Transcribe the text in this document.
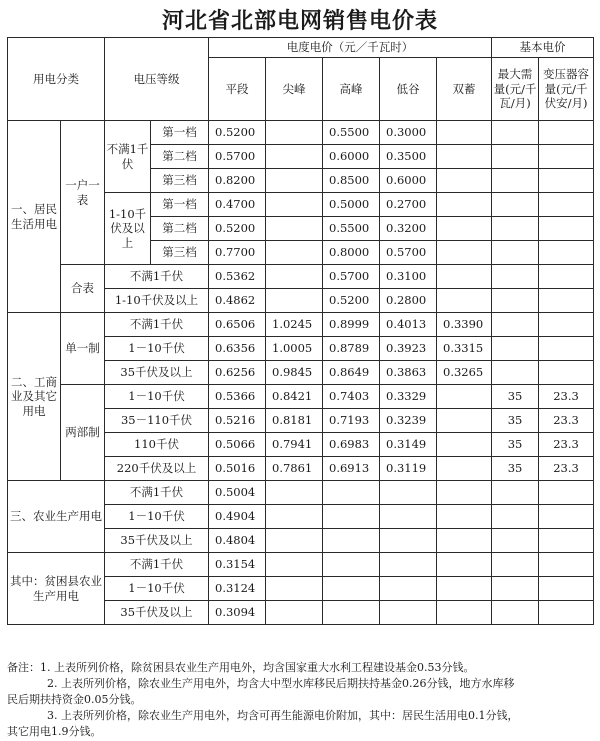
河北省北部电网销售电价表
用电分类		电压等级		电度电价（元／千瓦时）					基本电价	
				平段	尖峰	高峰	低谷	双蓄	最大需量(元/千瓦/月)	变压器容量(元/千伏安/月)

一、居民生活用电	一户一表	不满1千伏	第一档	0.5200		0.5500	0.3000			
			第二档	0.5700		0.6000	0.3500			
			第三档	0.8200		0.8500	0.6000			
		1-10千伏及以上	第一档	0.4700		0.5000	0.2700			
			第二档	0.5200		0.5500	0.3200			
			第三档	0.7700		0.8000	0.5700			
	合表	不满1千伏		0.5362		0.5700	0.3100			
		1-10千伏及以上		0.4862		0.5200	0.2800			
二、工商业及其它用电	单一制	不满1千伏		0.6506	1.0245	0.8999	0.4013	0.3390		
		1－10千伏		0.6356	1.0005	0.8789	0.3923	0.3315		
		35千伏及以上		0.6256	0.9845	0.8649	0.3863	0.3265		
	两部制	1－10千伏		0.5366	0.8421	0.7403	0.3329		35	23.3
		35－110千伏		0.5216	0.8181	0.7193	0.3239		35	23.3
		110千伏		0.5066	0.7941	0.6983	0.3149		35	23.3
		220千伏及以上		0.5016	0.7861	0.6913	0.3119		35	23.3
三、农业生产用电		不满1千伏		0.5004						
		1－10千伏		0.4904						
		35千伏及以上		0.4804						
其中：贫困县农业生产用电		不满1千伏		0.3154						
		1－10千伏		0.3124						
		35千伏及以上		0.3094						

备注：1. 上表所列价格，除贫困县农业生产用电外，均含国家重大水利工程建设基金0.53分钱。

2. 上表所列价格，除农业生产用电外，均含大中型水库移民后期扶持基金0.26分钱，地方水库移

民后期扶持资金0.05分钱。

3. 上表所列价格，除农业生产用电外，均含可再生能源电价附加，其中：居民生活用电0.1分钱，

其它用电1.9分钱。
